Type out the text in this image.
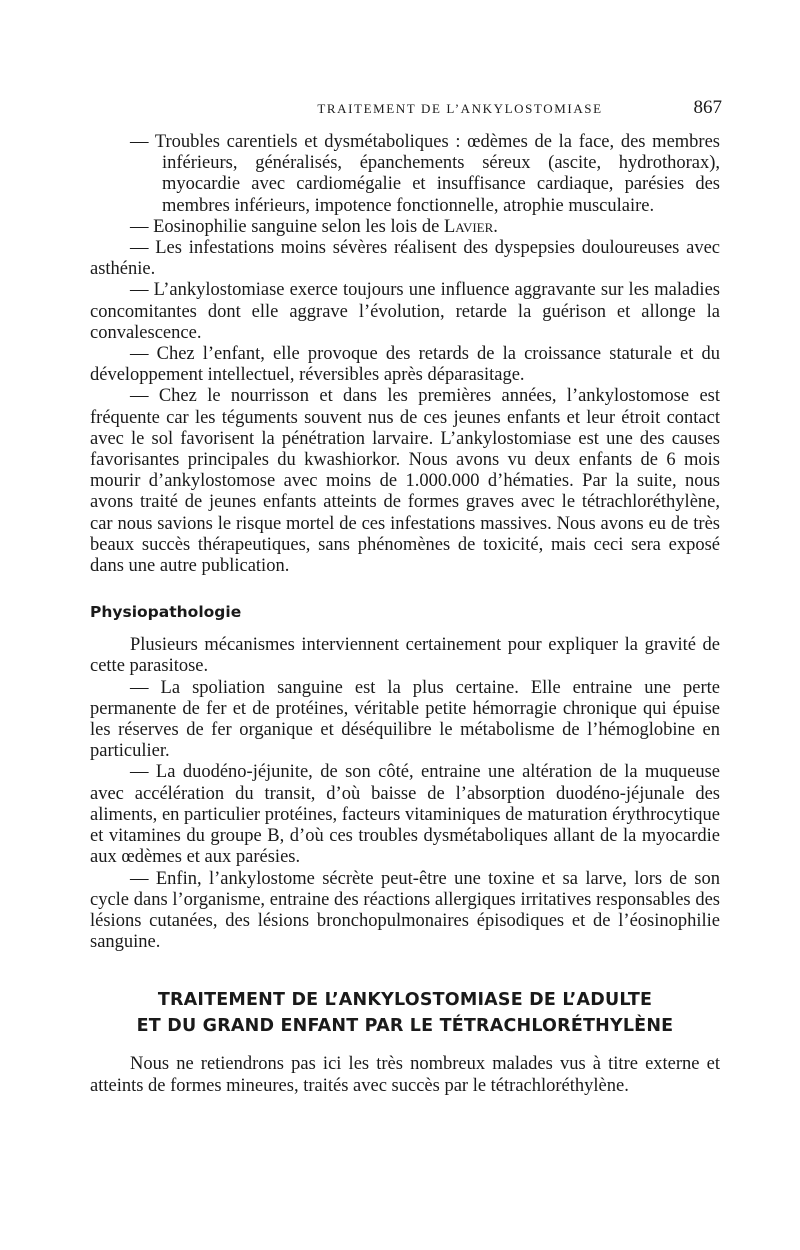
TRAITEMENT DE L’ANKYLOSTOMIASE	867

— Troubles carentiels et dysmétaboliques : œdèmes de la face, des membres inférieurs, généralisés, épanchements séreux (ascite, hydrothorax), myocardie avec cardiomégalie et insuffisance cardiaque, parésies des membres inférieurs, impotence fonctionnelle, atrophie musculaire.

— Eosinophilie sanguine selon les lois de Lavier.

— Les infestations moins sévères réalisent des dyspepsies douloureuses avec asthénie.

— L’ankylostomiase exerce toujours une influence aggravante sur les maladies concomitantes dont elle aggrave l’évolution, retarde la guérison et allonge la convalescence.

— Chez l’enfant, elle provoque des retards de la croissance staturale et du développement intellectuel, réversibles après déparasitage.

— Chez le nourrisson et dans les premières années, l’ankylostomose est fréquente car les téguments souvent nus de ces jeunes enfants et leur étroit contact avec le sol favorisent la pénétration larvaire. L’ankylostomiase est une des causes favorisantes principales du kwashiorkor. Nous avons vu deux enfants de 6 mois mourir d’ankylostomose avec moins de 1.000.000 d’hématies. Par la suite, nous avons traité de jeunes enfants atteints de formes graves avec le tétrachloréthylène, car nous savions le risque mortel de ces infestations massives. Nous avons eu de très beaux succès thérapeutiques, sans phénomènes de toxicité, mais ceci sera exposé dans une autre publication.

Physiopathologie

Plusieurs mécanismes interviennent certainement pour expliquer la gravité de cette parasitose.

— La spoliation sanguine est la plus certaine. Elle entraine une perte permanente de fer et de protéines, véritable petite hémorragie chronique qui épuise les réserves de fer organique et déséquilibre le métabolisme de l’hémoglobine en particulier.

— La duodéno-jéjunite, de son côté, entraine une altération de la muqueuse avec accélération du transit, d’où baisse de l’absorption duodéno-jéjunale des aliments, en particulier protéines, facteurs vitaminiques de maturation érythrocytique et vitamines du groupe B, d’où ces troubles dysmétaboliques allant de la myocardie aux œdèmes et aux parésies.

— Enfin, l’ankylostome sécrète peut-être une toxine et sa larve, lors de son cycle dans l’organisme, entraine des réactions allergiques irritatives responsables des lésions cutanées, des lésions bronchopulmonaires épisodiques et de l’éosinophilie sanguine.

TRAITEMENT DE L’ANKYLOSTOMIASE DE L’ADULTE
ET DU GRAND ENFANT PAR LE TÉTRACHLORÉTHYLÈNE

Nous ne retiendrons pas ici les très nombreux malades vus à titre externe et atteints de formes mineures, traités avec succès par le tétrachloréthylène.
